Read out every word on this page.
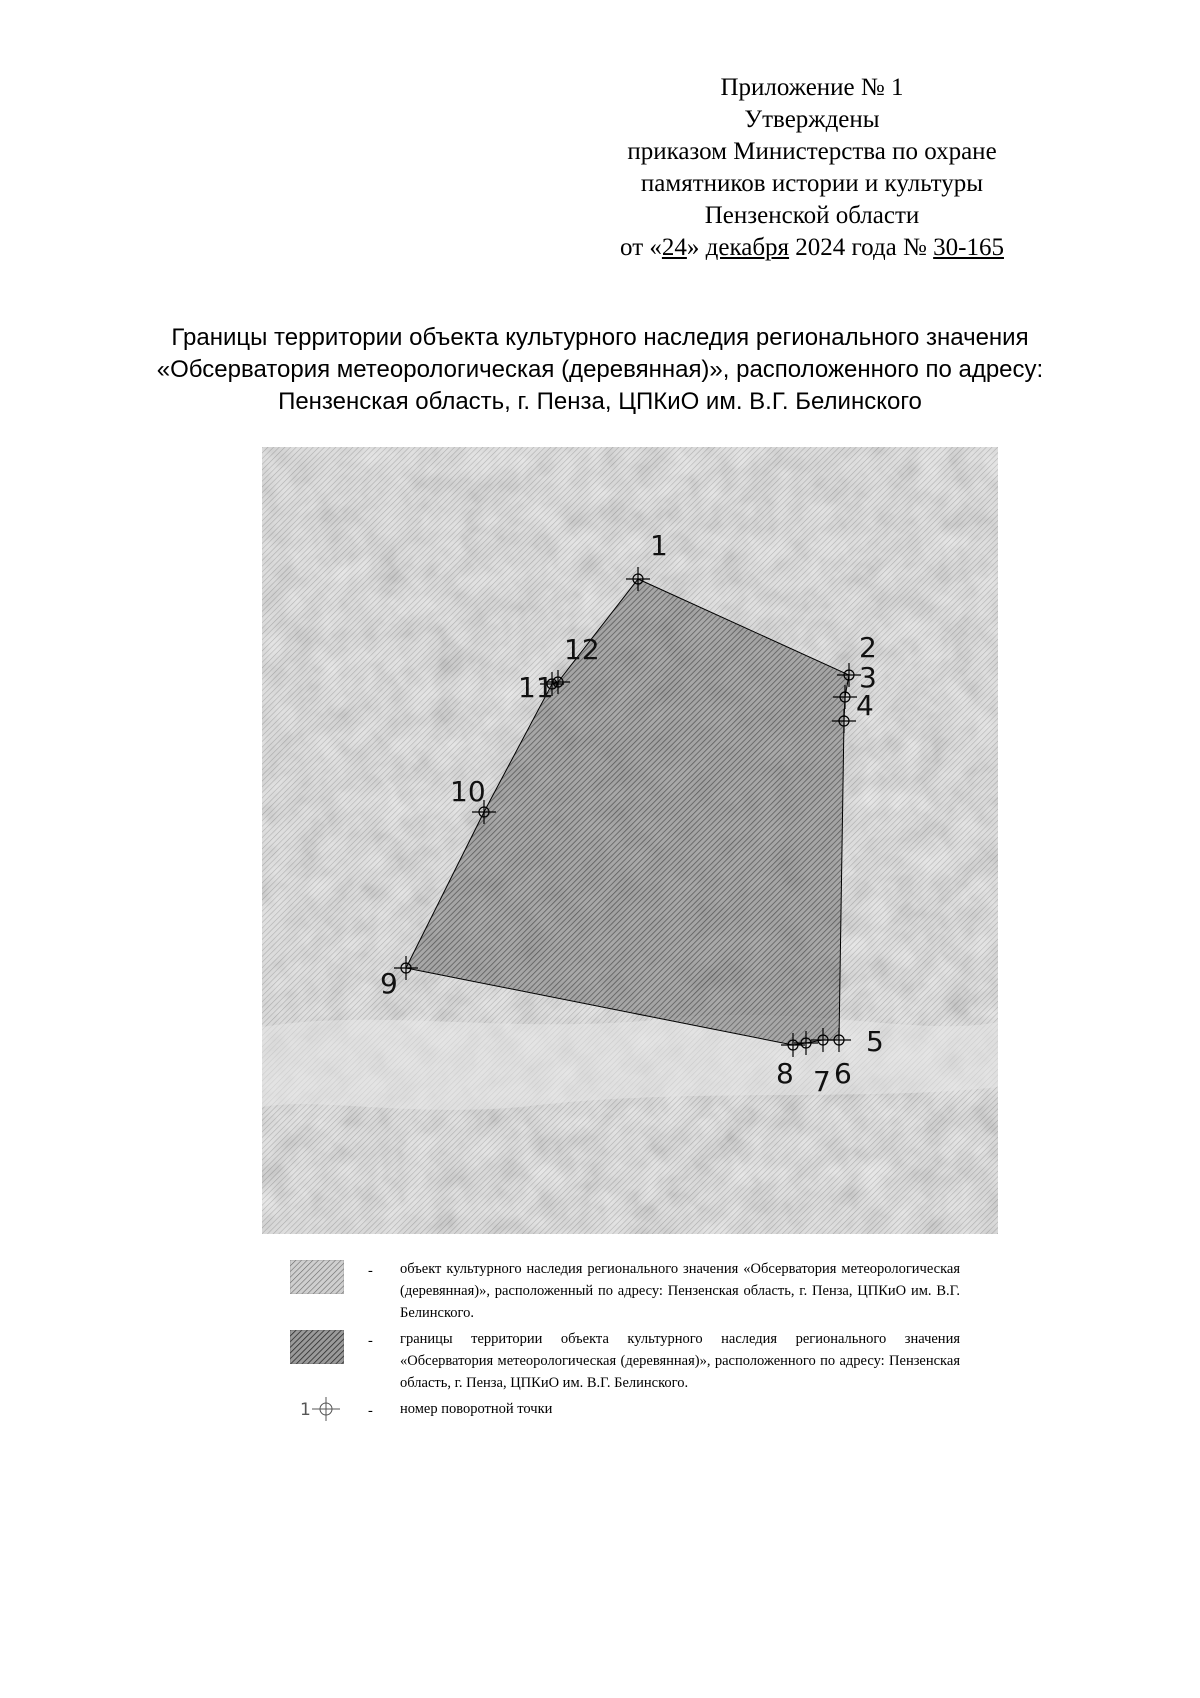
Приложение № 1
Утверждены
приказом Министерства по охране
памятников истории и культуры
Пензенской области
от «24» декабря 2024 года № 30-165
Границы территории объекта культурного наследия регионального значения
«Обсерватория метеорологическая (деревянная)», расположенного по адресу:
Пензенская область, г. Пенза, ЦПКиО им. В.Г. Белинского
1
2
3
4
5
6
7
8
9
10
11
12
- объект культурного наследия регионального значения «Обсерватория метеорологическая (деревянная)», расположенный по адресу: Пензенская область, г. Пенза, ЦПКиО им. В.Г. Белинского.
- границы территории объекта культурного наследия регионального значения «Обсерватория метеорологическая (деревянная)», расположенного по адресу: Пензенская область, г. Пенза, ЦПКиО им. В.Г. Белинского.
1	- номер поворотной точки
